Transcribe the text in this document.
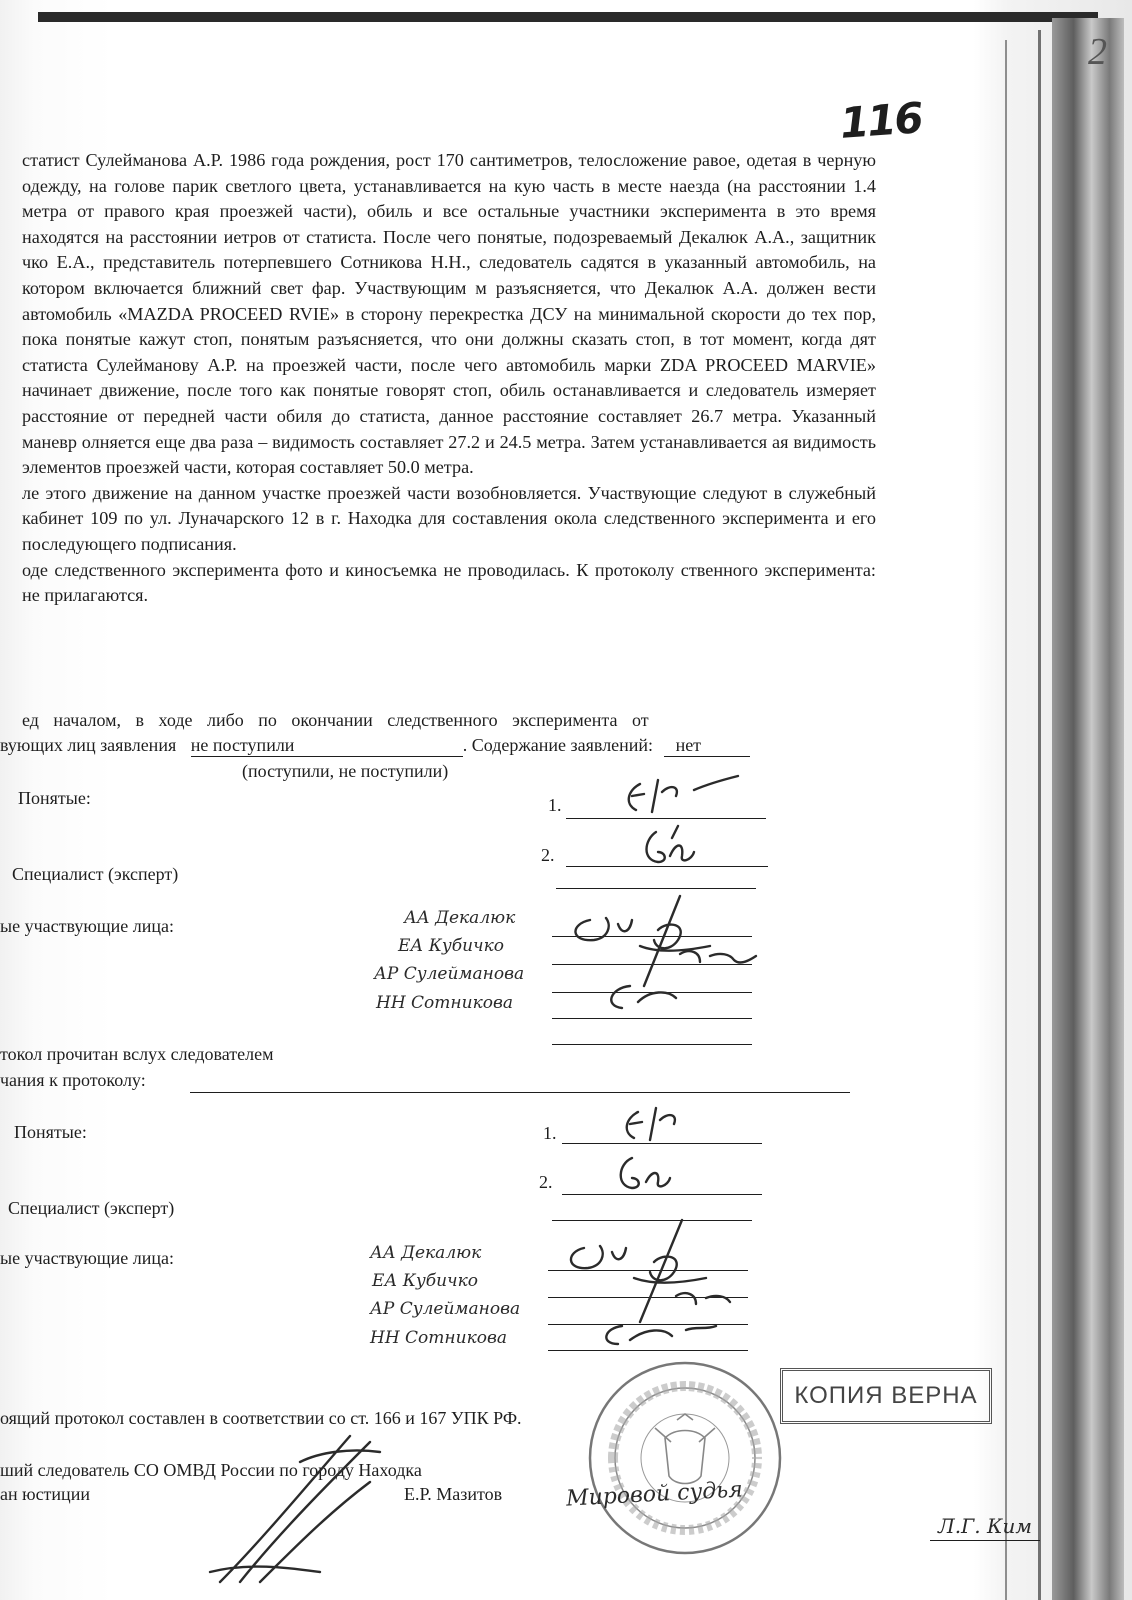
2
116

статист Сулейманова А.Р. 1986 года рождения, рост 170 сантиметров, телосложение равое, одетая в черную одежду, на голове парик светлого цвета, устанавливается на кую часть в месте наезда (на расстоянии 1.4 метра от правого края проезжей части), обиль и все остальные участники эксперимента в это время находятся на расстоянии иетров от статиста. После чего понятые, подозреваемый Декалюк А.А., защитник чко Е.А., представитель потерпевшего Сотникова Н.Н., следователь садятся в указанный автомобиль, на котором включается ближний свет фар. Участвующим м разъясняется, что Декалюк А.А. должен вести автомобиль «MAZDA PROCEED RVIE» в сторону перекрестка ДСУ на минимальной скорости до тех пор, пока понятые кажут стоп, понятым разъясняется, что они должны сказать стоп, в тот момент, когда дят статиста Сулейманову А.Р. на проезжей части, после чего автомобиль марки ZDA PROCEED MARVIE» начинает движение, после того как понятые говорят стоп, обиль останавливается и следователь измеряет расстояние от передней части обиля до статиста, данное расстояние составляет 26.7 метра. Указанный маневр олняется еще два раза – видимость составляет 27.2 и 24.5 метра. Затем устанавливается ая видимость элементов проезжей части, которая составляет 50.0 метра.

ле этого движение на данном участке проезжей части возобновляется. Участвующие следуют в служебный кабинет 109 по ул. Луначарского 12 в г. Находка для составления окола следственного эксперимента и его последующего подписания.

оде следственного эксперимента фото и киносъемка не проводилась. К протоколу ственного эксперимента: не прилагаются.

ед началом, в ходе либо по окончании следственного эксперимента от
вующих лиц заявления не поступили	. Содержание заявлений: нет
(поступили, не поступили)
Понятые:	1.
2.
Специалист (эксперт)
ые участвующие лица:	АА Декалюк
ЕА Кубичко
АР Сулейманова
НН Сотникова
токол прочитан вслух следователем
чания к протоколу:
Понятые:	1.
2.
Специалист (эксперт)
ые участвующие лица:	АА Декалюк
ЕА Кубичко
АР Сулейманова
НН Сотникова
КОПИЯ ВЕРНА
оящий протокол составлен в соответствии со ст. 166 и 167 УПК РФ.
ший следователь СО ОМВД России по городу Находка
ан юстиции	Е.Р. Мазитов	Мировой судья
Л.Г. Ким
